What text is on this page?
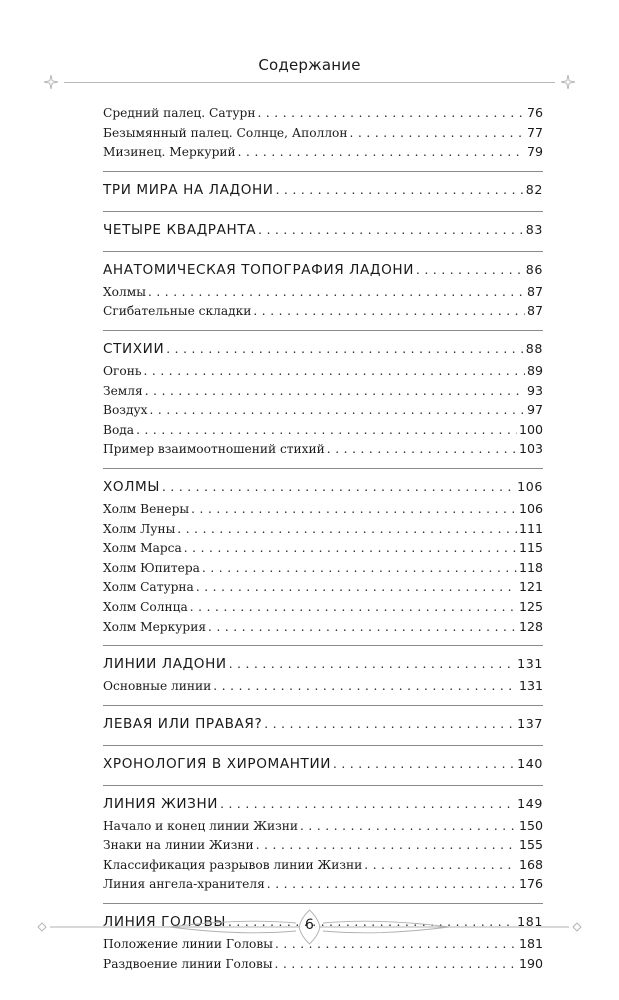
Содержание
Средний палец. Сатурн . . .	76
Безымянный палец. Солнце, Аполлон . . .	77
Мизинец. Меркурий . . .	79
ТРИ МИРА НА ЛАДОНИ . . .	82
ЧЕТЫРЕ КВАДРАНТА . . .	83
АНАТОМИЧЕСКАЯ ТОПОГРАФИЯ ЛАДОНИ . . .	86
Холмы . . .	87
Сгибательные складки . . .	87
СТИХИИ . . .	88
Огонь . . .	89
Земля . . .	93
Воздух . . .	97
Вода . . .	100
Пример взаимоотношений стихий . . .	103
ХОЛМЫ . . .	106
Холм Венеры . . .	106
Холм Луны . . .	111
Холм Марса . . .	115
Холм Юпитера . . .	118
Холм Сатурна . . .	121
Холм Солнца . . .	125
Холм Меркурия . . .	128
ЛИНИИ ЛАДОНИ . . .	131
Основные линии . . .	131
ЛЕВАЯ ИЛИ ПРАВАЯ? . . .	137
ХРОНОЛОГИЯ В ХИРОМАНТИИ . . .	140
ЛИНИЯ ЖИЗНИ . . .	149
Начало и конец линии Жизни . . .	150
Знаки на линии Жизни . . .	155
Классификация разрывов линии Жизни . . .	168
Линия ангела-хранителя . . .	176
ЛИНИЯ ГОЛОВЫ . . .	181
Положение линии Головы . . .	181
Раздвоение линии Головы . . .	190
6
